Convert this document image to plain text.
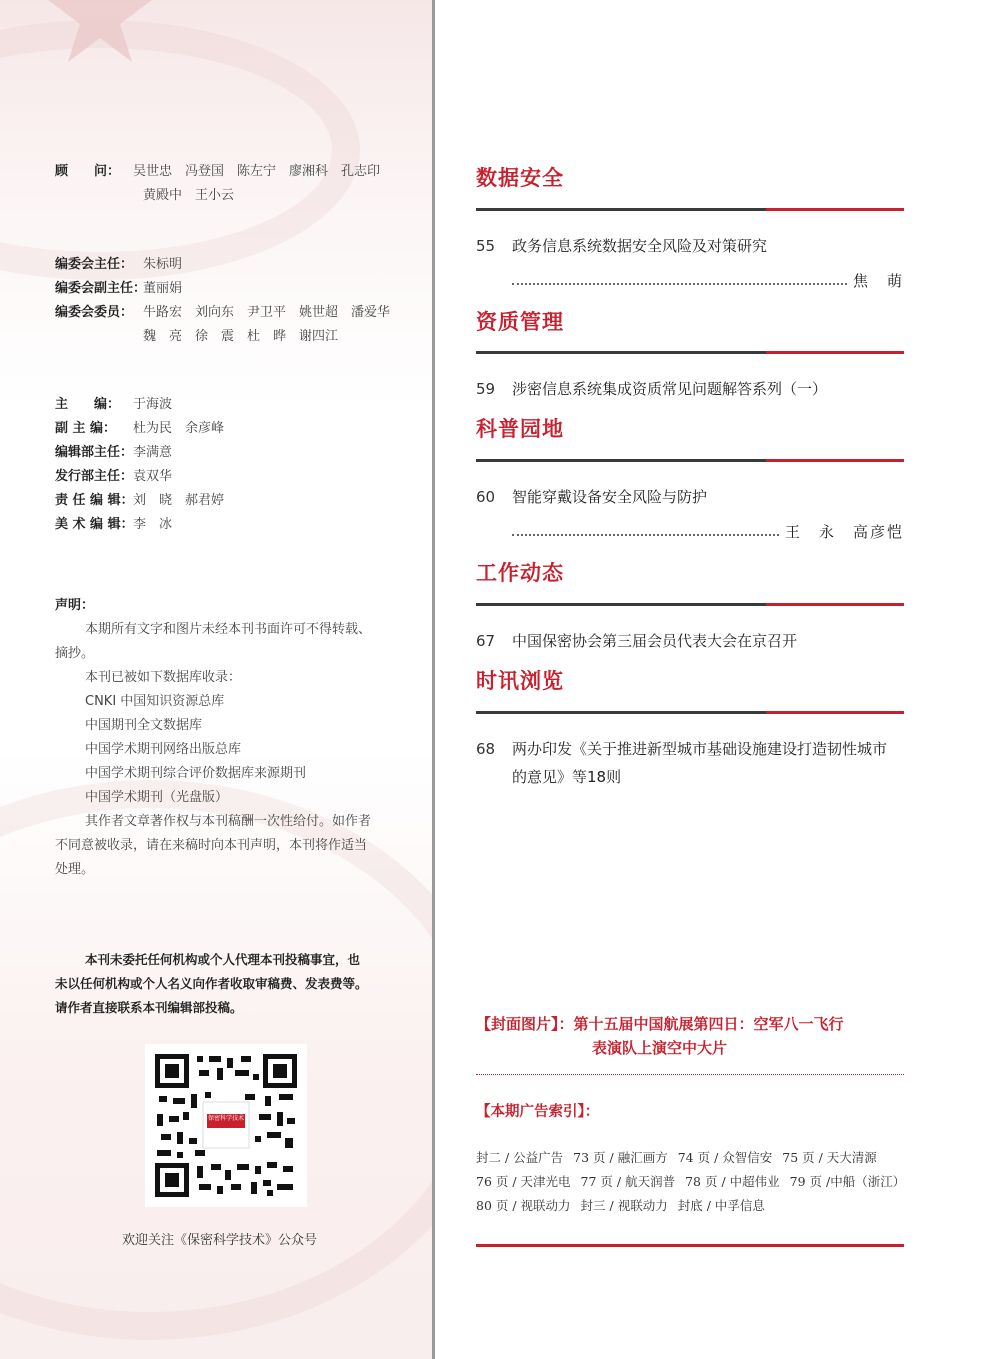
顾　　问： 吴世忠　冯登国　陈左宁　廖湘科　孔志印
黄殿中　王小云
编委会主任： 朱标明
编委会副主任：
董丽娟
编委会委员： 牛路宏　刘向东　尹卫平　姚世超　潘爱华
魏　亮　徐　震　杜　晔　谢四江
主　　编： 于海波
副 主 编：	杜为民　余彦峰
编辑部主任： 李满意
发行部主任： 袁双华
责 任 编 辑： 刘　晓　郝君婷
美 术 编 辑： 李　冰

声明：

本期所有文字和图片未经本刊书面许可不得转载、

摘抄。

本刊已被如下数据库收录：

CNKI 中国知识资源总库

中国期刊全文数据库

中国学术期刊网络出版总库

中国学术期刊综合评价数据库来源期刊

中国学术期刊（光盘版）

其作者文章著作权与本刊稿酬一次性给付。如作者

不同意被收录，请在来稿时向本刊声明，本刊将作适当

处理。

本刊未委托任何机构或个人代理本刊投稿事宜，也
未以任何机构或个人名义向作者收取审稿费、发表费等。
请作者直接联系本刊编辑部投稿。
保密科学技术
欢迎关注《保密科学技术》公众号
数据安全
55 政务信息系统数据安全风险及对策研究
焦　萌
资质管理
59 涉密信息系统集成资质常见问题解答系列（一）
科普园地
60 智能穿戴设备安全风险与防护
王　永　高彦恺
工作动态
67 中国保密协会第三届会员代表大会在京召开
时讯浏览
68 两办印发《关于推进新型城市基础设施建设打造韧性城市
的意见》等18则
【封面图片】：第十五届中国航展第四日：空军八一飞行
表演队上演空中大片
【本期广告索引】：
封二 / 公益广告 73 页 / 融汇画方 74 页 / 众智信安 75 页 / 天大清源
76 页 / 天津光电 77 页 / 航天润普 78 页 / 中超伟业 79 页 /中船（浙江）
80 页 / 视联动力 封三 / 视联动力 封底 / 中孚信息
